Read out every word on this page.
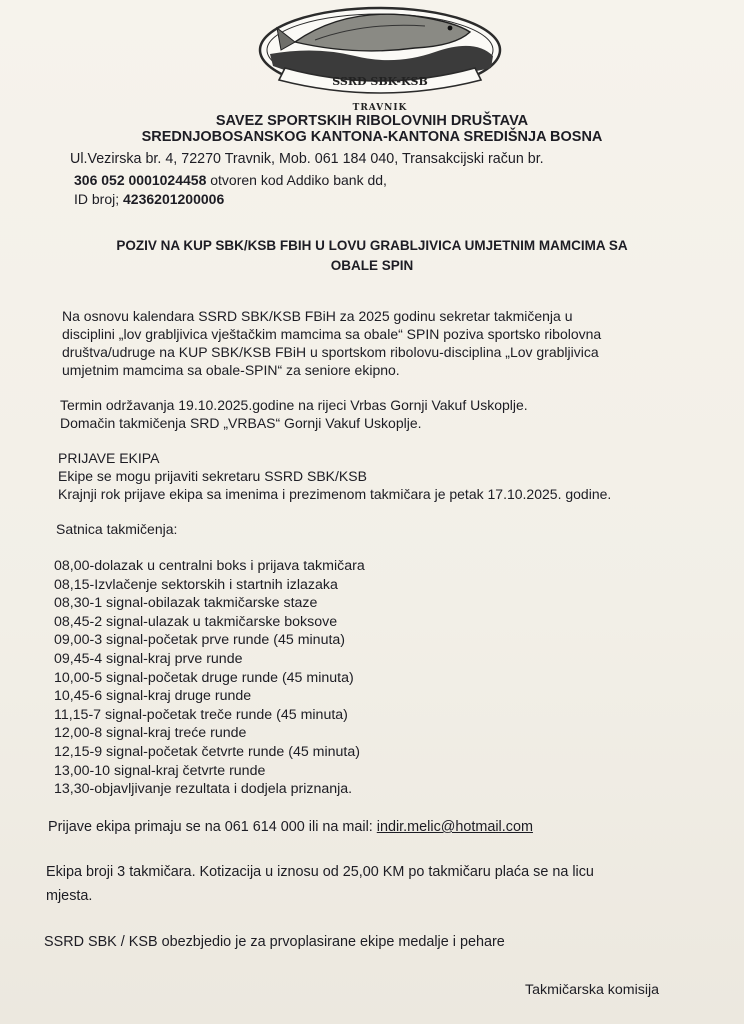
SSRD SBK-KSB
TRAVNIK
SAVEZ SPORTSKIH RIBOLOVNIH DRUŠTAVA
SREDNJOBOSANSKOG KANTONA-KANTONA SREDIŠNJA BOSNA
Ul.Vezirska br. 4, 72270 Travnik, Mob. 061 184 040, Transakcijski račun br.
306 052 0001024458 otvoren kod Addiko bank dd,
ID broj; 4236201200006
POZIV NA KUP SBK/KSB FBIH U LOVU GRABLJIVICA UMJETNIM MAMCIMA SA
OBALE SPIN
Na osnovu kalendara SSRD SBK/KSB FBiH za 2025 godinu sekretar takmičenja u
disciplini „lov grabljivica vještačkim mamcima sa obale“ SPIN poziva sportsko ribolovna
društva/udruge na KUP SBK/KSB FBiH u sportskom ribolovu-disciplina „Lov grabljivica
umjetnim mamcima sa obale-SPIN“ za seniore ekipno.
Termin održavanja 19.10.2025.godine na rijeci Vrbas Gornji Vakuf Uskoplje.
Domačin takmičenja SRD „VRBAS“ Gornji Vakuf Uskoplje.
PRIJAVE EKIPA
Ekipe se mogu prijaviti sekretaru SSRD SBK/KSB
Krajnji rok prijave ekipa sa imenima i prezimenom takmičara je petak 17.10.2025. godine.
Satnica takmičenja:
08,00-dolazak u centralni boks i prijava takmičara
08,15-Izvlačenje sektorskih i startnih izlazaka
08,30-1 signal-obilazak takmičarske staze
08,45-2 signal-ulazak u takmičarske boksove
09,00-3 signal-početak prve runde (45 minuta)
09,45-4 signal-kraj prve runde
10,00-5 signal-početak druge runde (45 minuta)
10,45-6 signal-kraj druge runde
11,15-7 signal-početak treče runde (45 minuta)
12,00-8 signal-kraj treće runde
12,15-9 signal-početak četvrte runde (45 minuta)
13,00-10 signal-kraj četvrte runde
13,30-objavljivanje rezultata i dodjela priznanja.
Prijave ekipa primaju se na 061 614 000 ili na mail: indir.melic@hotmail.com
Ekipa broji 3 takmičara. Kotizacija u iznosu od 25,00 KM po takmičaru plaća se na licu
mjesta.
SSRD SBK / KSB obezbjedio je za prvoplasirane ekipe medalje i pehare
Takmičarska komisija
